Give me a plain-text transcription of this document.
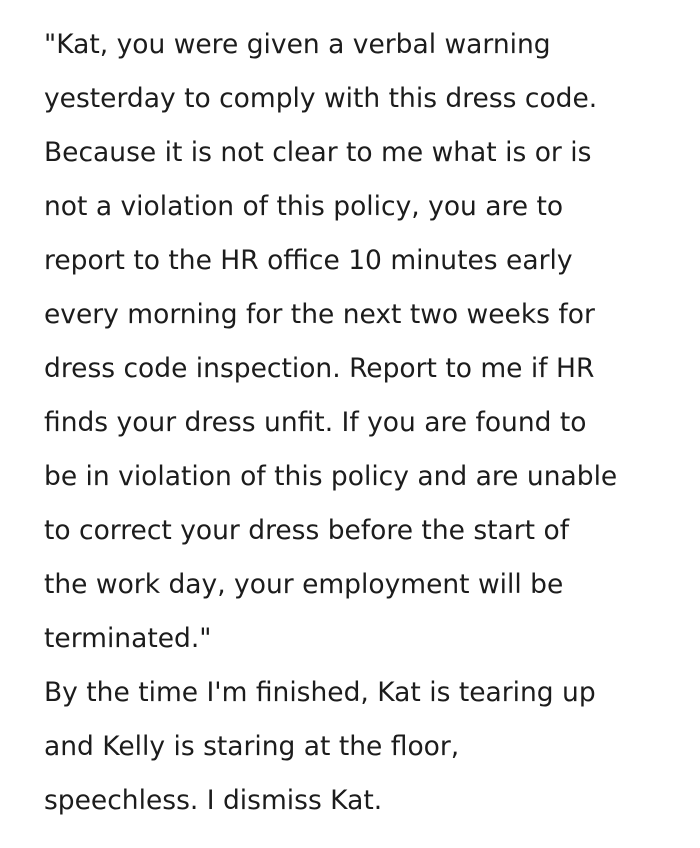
"Kat, you were given a verbal warning
yesterday to comply with this dress code.
Because it is not clear to me what is or is
not a violation of this policy, you are to
report to the HR office 10 minutes early
every morning for the next two weeks for
dress code inspection. Report to me if HR
finds your dress unfit. If you are found to
be in violation of this policy and are unable
to correct your dress before the start of
the work day, your employment will be
terminated."
By the time I'm finished, Kat is tearing up
and Kelly is staring at the floor,
speechless. I dismiss Kat.
